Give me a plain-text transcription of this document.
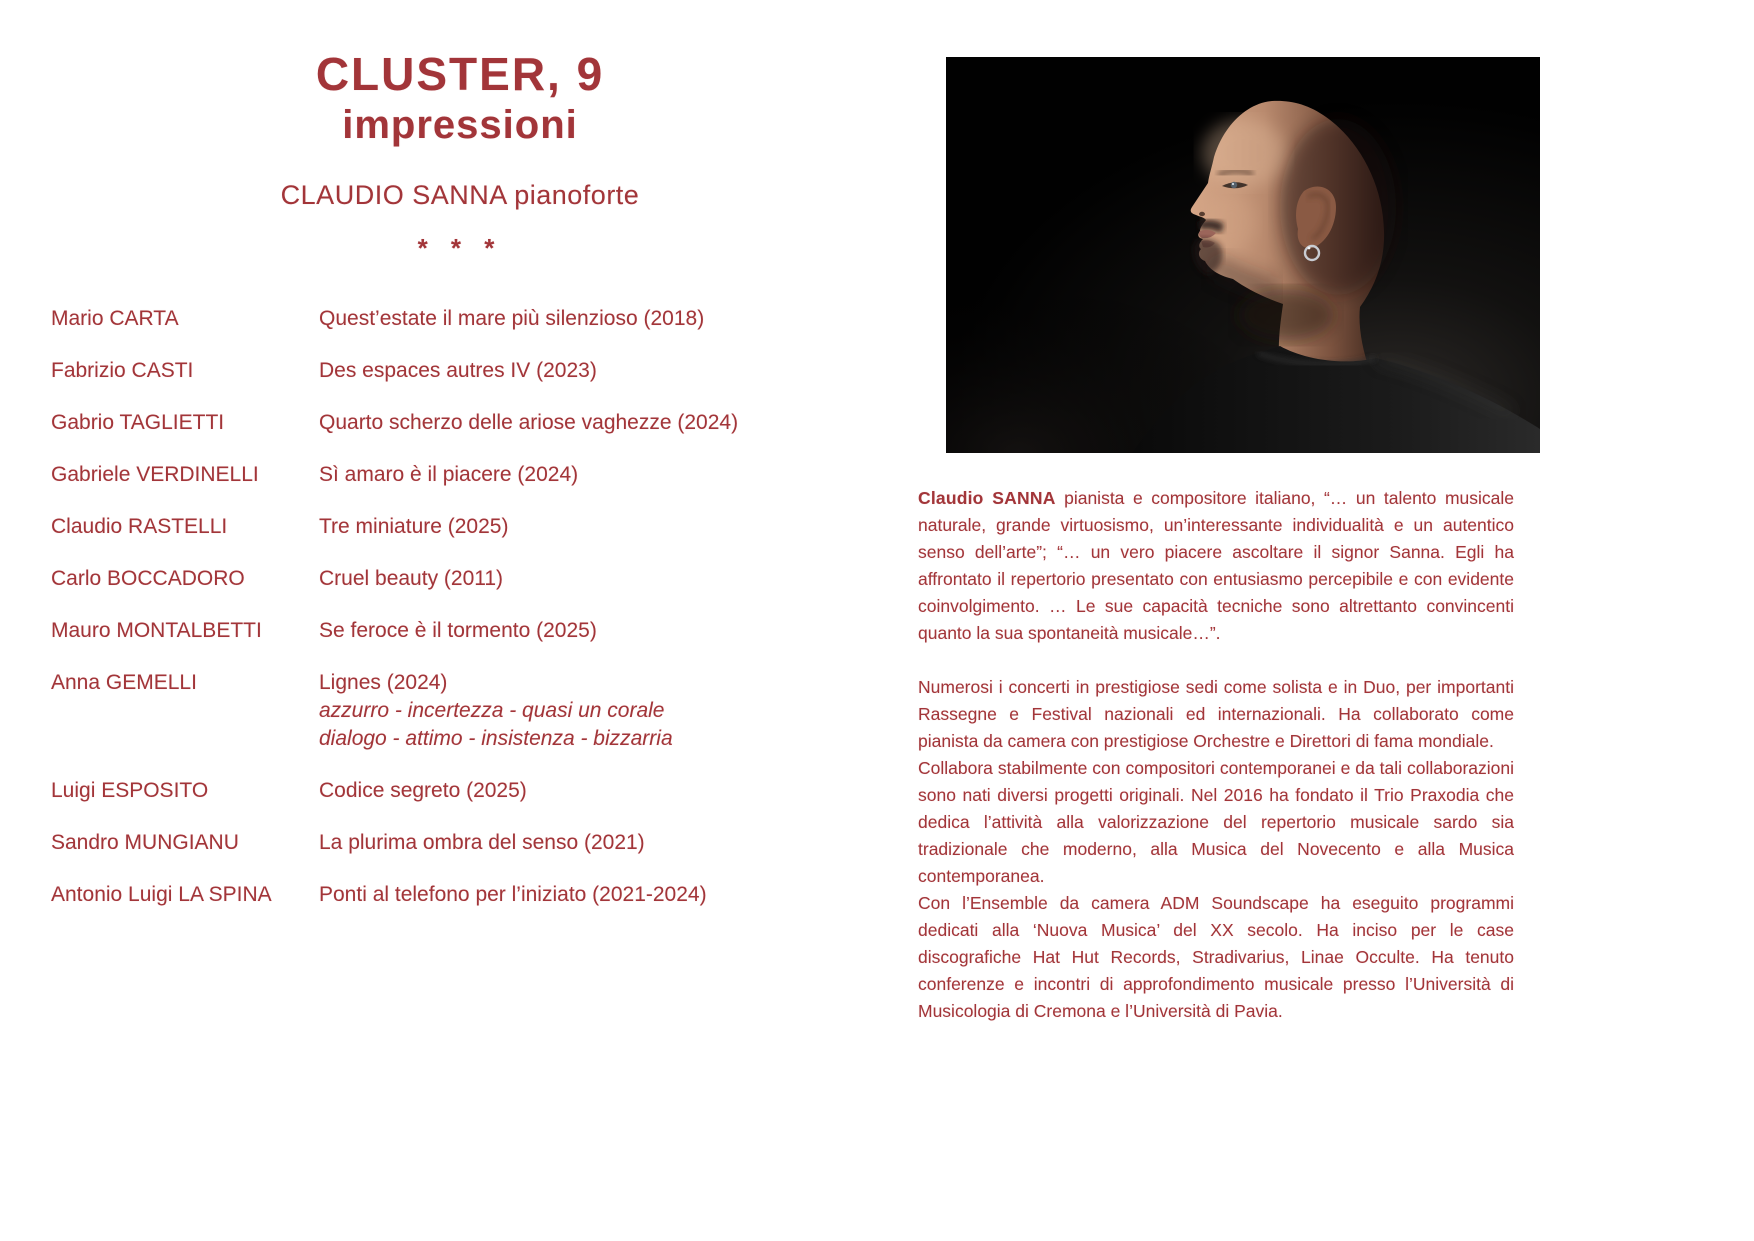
CLUSTER, 9
impressioni
CLAUDIO SANNA pianoforte
* * *
Mario CARTA	Quest’estate il mare più silenzioso (2018)
Fabrizio CASTI	Des espaces autres IV (2023)
Gabrio TAGLIETTI	Quarto scherzo delle ariose vaghezze (2024)
Gabriele VERDINELLI	Sì amaro è il piacere (2024)
Claudio RASTELLI	Tre miniature (2025)
Carlo BOCCADORO	Cruel beauty (2011)
Mauro MONTALBETTI	Se feroce è il tormento (2025)
Anna GEMELLI	Lignes (2024)
azzurro - incertezza - quasi un corale
dialogo - attimo - insistenza - bizzarria
Luigi ESPOSITO	Codice segreto (2025)
Sandro MUNGIANU	La plurima ombra del senso (2021)
Antonio Luigi LA SPINA	Ponti al telefono per l’iniziato (2021-2024)

Claudio SANNA pianista e compositore italiano, “… un talento musicale naturale, grande virtuosismo, un’interessante individualità e un autentico senso dell’arte”; “… un vero piacere ascoltare il signor Sanna. Egli ha affrontato il repertorio presentato con entusiasmo percepibile e con evidente coinvolgimento. … Le sue capacità tecniche sono altrettanto convincenti quanto la sua spontaneità musicale…”.

Numerosi i concerti in prestigiose sedi come solista e in Duo, per importanti Rassegne e Festival nazionali ed internazionali. Ha collaborato come pianista da camera con prestigiose Orchestre e Direttori di fama mondiale.

Collabora stabilmente con compositori contemporanei e da tali collaborazioni sono nati diversi progetti originali. Nel 2016 ha fondato il Trio Praxodia che dedica l’attività alla valorizzazione del repertorio musicale sardo sia tradizionale che moderno, alla Musica del Novecento e alla Musica contemporanea.

Con l’Ensemble da camera ADM Soundscape ha eseguito programmi dedicati alla ‘Nuova Musica’ del XX secolo. Ha inciso per le case discografiche Hat Hut Records, Stradivarius, Linae Occulte. Ha tenuto conferenze e incontri di approfondimento musicale presso l’Università di Musicologia di Cremona e l’Università di Pavia.
